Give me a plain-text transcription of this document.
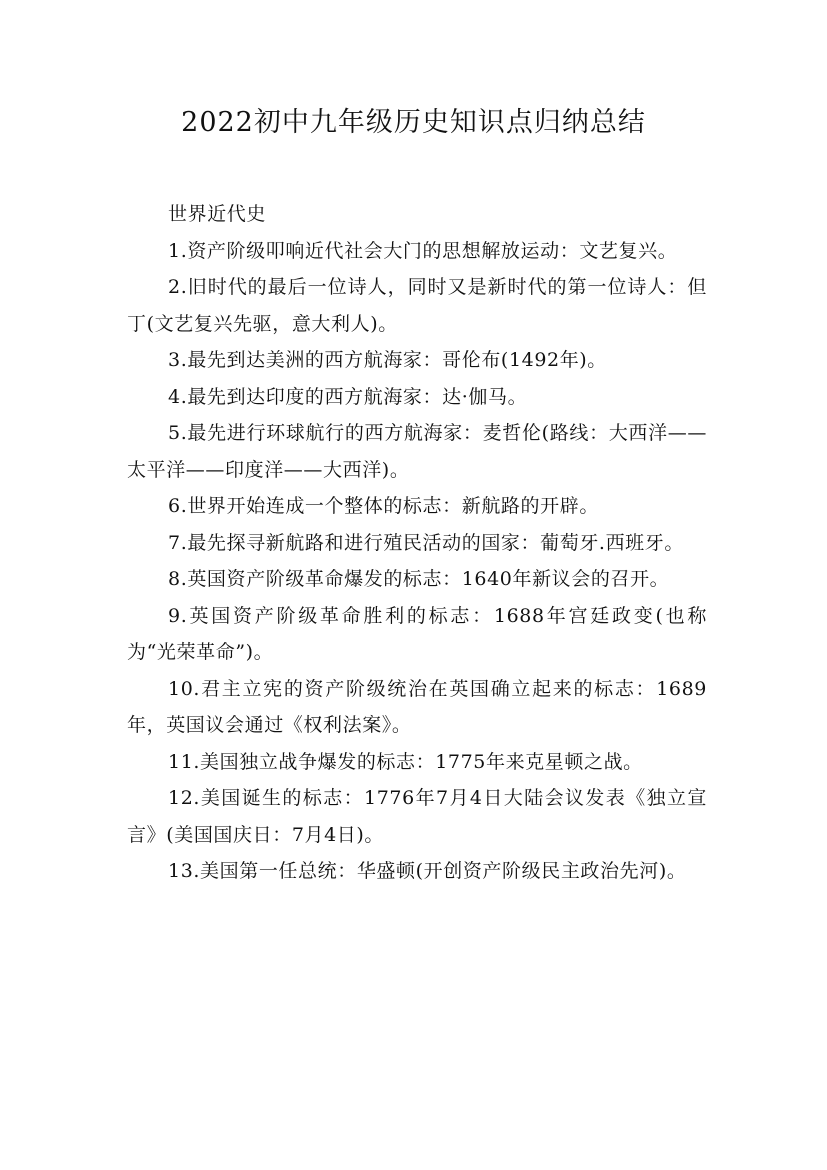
2022初中九年级历史知识点归纳总结

世界近代史

1.资产阶级叩响近代社会大门的思想解放运动：文艺复兴。

2.旧时代的最后一位诗人，同时又是新时代的第一位诗人：但丁(文艺复兴先驱，意大利人)。

3.最先到达美洲的西方航海家：哥伦布(1492年)。

4.最先到达印度的西方航海家：达·伽马。

5.最先进行环球航行的西方航海家：麦哲伦(路线：大西洋——太平洋——印度洋——大西洋)。

6.世界开始连成一个整体的标志：新航路的开辟。

7.最先探寻新航路和进行殖民活动的国家：葡萄牙.西班牙。

8.英国资产阶级革命爆发的标志：1640年新议会的召开。

9.英国资产阶级革命胜利的标志：1688年宫廷政变(也称为“光荣革命”)。

10.君主立宪的资产阶级统治在英国确立起来的标志：1689年，英国议会通过《权利法案》。

11.美国独立战争爆发的标志：1775年来克星顿之战。

12.美国诞生的标志：1776年7月4日大陆会议发表《独立宣言》(美国国庆日：7月4日)。

13.美国第一任总统：华盛顿(开创资产阶级民主政治先河)。
